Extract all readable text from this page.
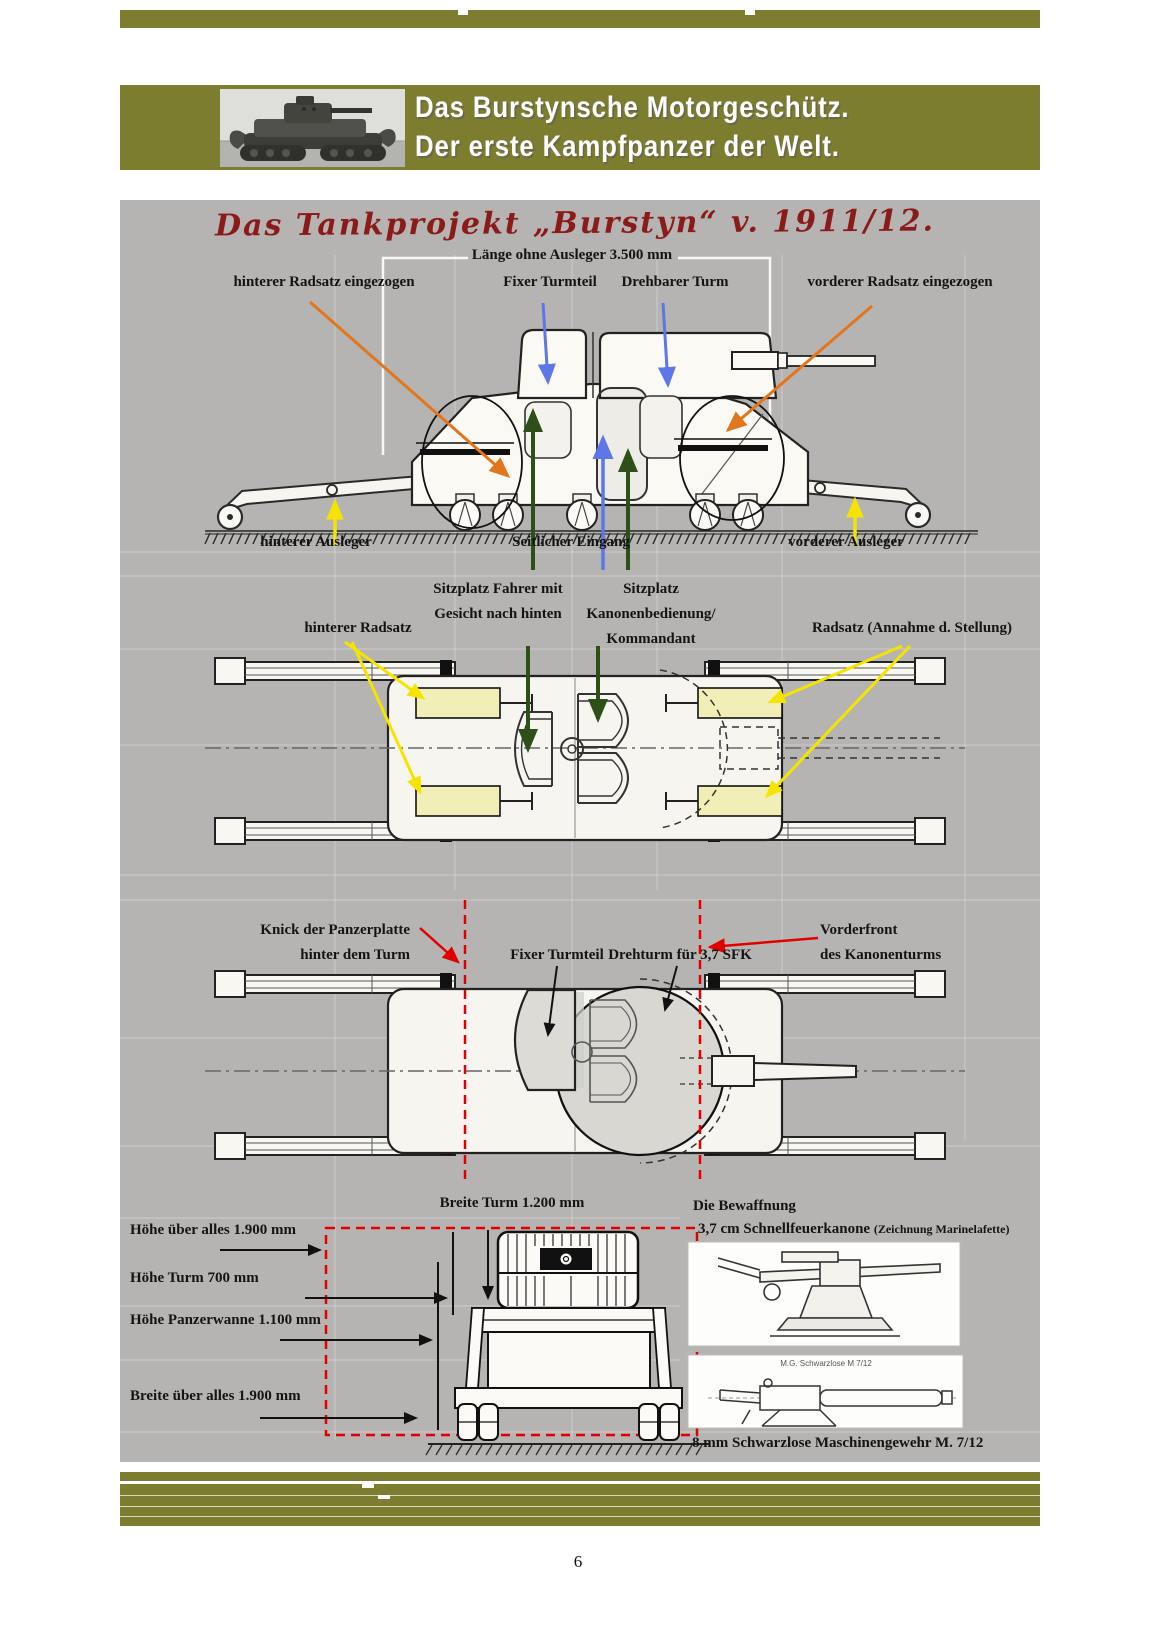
Das Burstynsche Motorgeschütz.
Der erste Kampfpanzer der Welt.
M.G. Schwarzlose M 7/12
Das Tankprojekt „Burstyn“ v. 1911/12.
Länge ohne Ausleger 3.500 mm
hinterer Radsatz eingezogen	Fixer Turmteil Drehbarer Turm	vorderer Radsatz eingezogen
hinterer Ausleger	Seitlicher Eingang	vorderer Ausleger
Sitzplatz Fahrer mit
Gesicht nach hinten
Sitzplatz
Kanonenbedienung/
Kommandant
hinterer Radsatz	Radsatz (Annahme d. Stellung)
Knick der Panzerplatte
hinter dem Turm	Fixer Turmteil Drehturm für 3,7 SFK
Vorderfront
des Kanonenturms
Breite Turm 1.200 mm
Höhe über alles 1.900 mm
Höhe Turm 700 mm
Höhe Panzerwanne 1.100 mm
Breite über alles 1.900 mm
Die Bewaffnung
3,7 cm Schnellfeuerkanone (Zeichnung Marinelafette)
8 mm Schwarzlose Maschinengewehr M. 7/12
6
